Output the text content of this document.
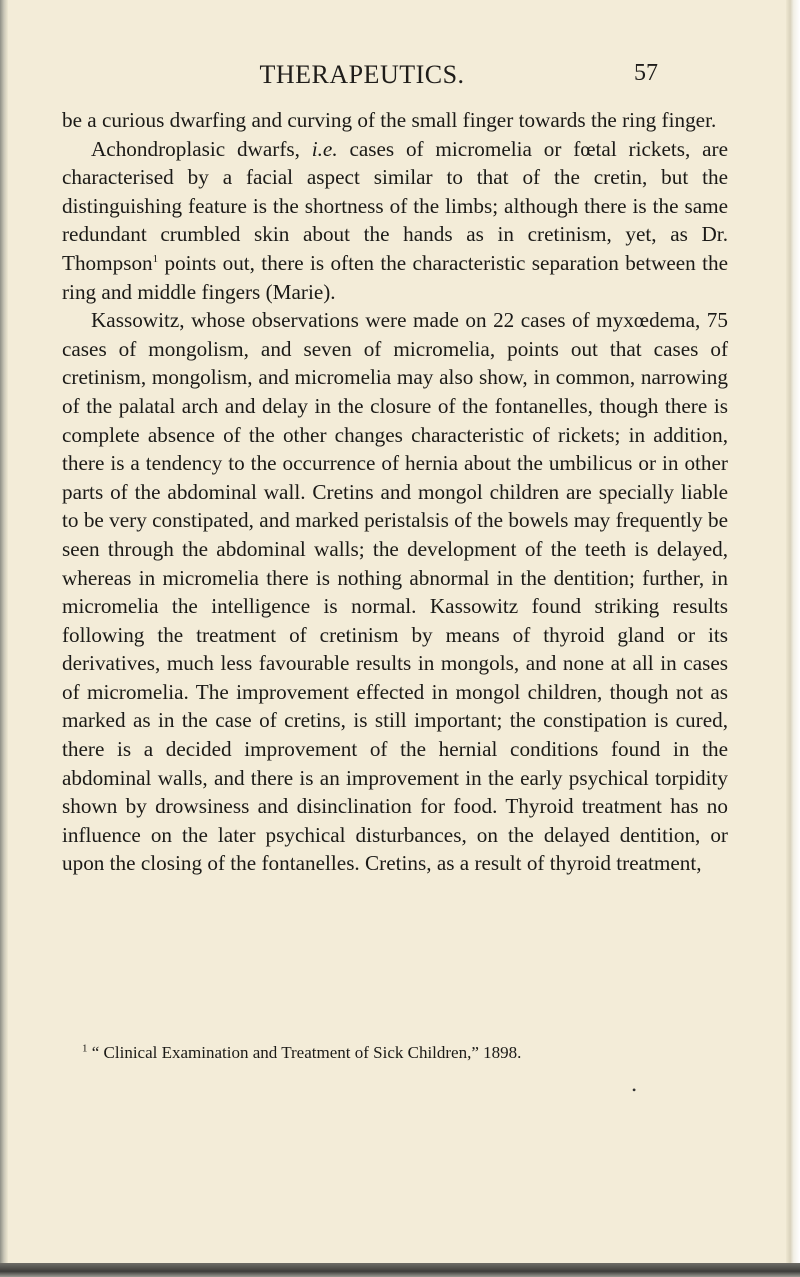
THERAPEUTICS.	57

be a curious dwarfing and curving of the small finger towards the ring finger.

Achondroplasic dwarfs, i.e. cases of micromelia or fœtal rickets, are characterised by a facial aspect similar to that of the cretin, but the distinguishing feature is the shortness of the limbs; although there is the same redundant crumbled skin about the hands as in cretinism, yet, as Dr. Thompson$^1$ points out, there is often the characteristic separation between the ring and middle fingers (Marie).

Kassowitz, whose observations were made on 22 cases of myxœdema, 75 cases of mongolism, and seven of micromelia, points out that cases of cretinism, mongolism, and micromelia may also show, in common, narrowing of the palatal arch and delay in the closure of the fontanelles, though there is complete absence of the other changes characteristic of rickets; in addition, there is a tendency to the occurrence of hernia about the umbilicus or in other parts of the abdominal wall. Cretins and mongol children are specially liable to be very constipated, and marked peristalsis of the bowels may frequently be seen through the abdominal walls; the development of the teeth is delayed, whereas in micromelia there is nothing abnormal in the dentition; further, in micromelia the intelligence is normal. Kassowitz found striking results following the treatment of cretinism by means of thyroid gland or its derivatives, much less favourable results in mongols, and none at all in cases of micromelia. The improvement effected in mongol children, though not as marked as in the case of cretins, is still important; the constipation is cured, there is a decided improvement of the hernial conditions found in the abdominal walls, and there is an improvement in the early psychical torpidity shown by drowsiness and disinclination for food. Thyroid treatment has no influence on the later psychical disturbances, on the delayed dentition, or upon the closing of the fontanelles. Cretins, as a result of thyroid treatment,

$^1$ “ Clinical Examination and Treatment of Sick Children,” 1898.

•
